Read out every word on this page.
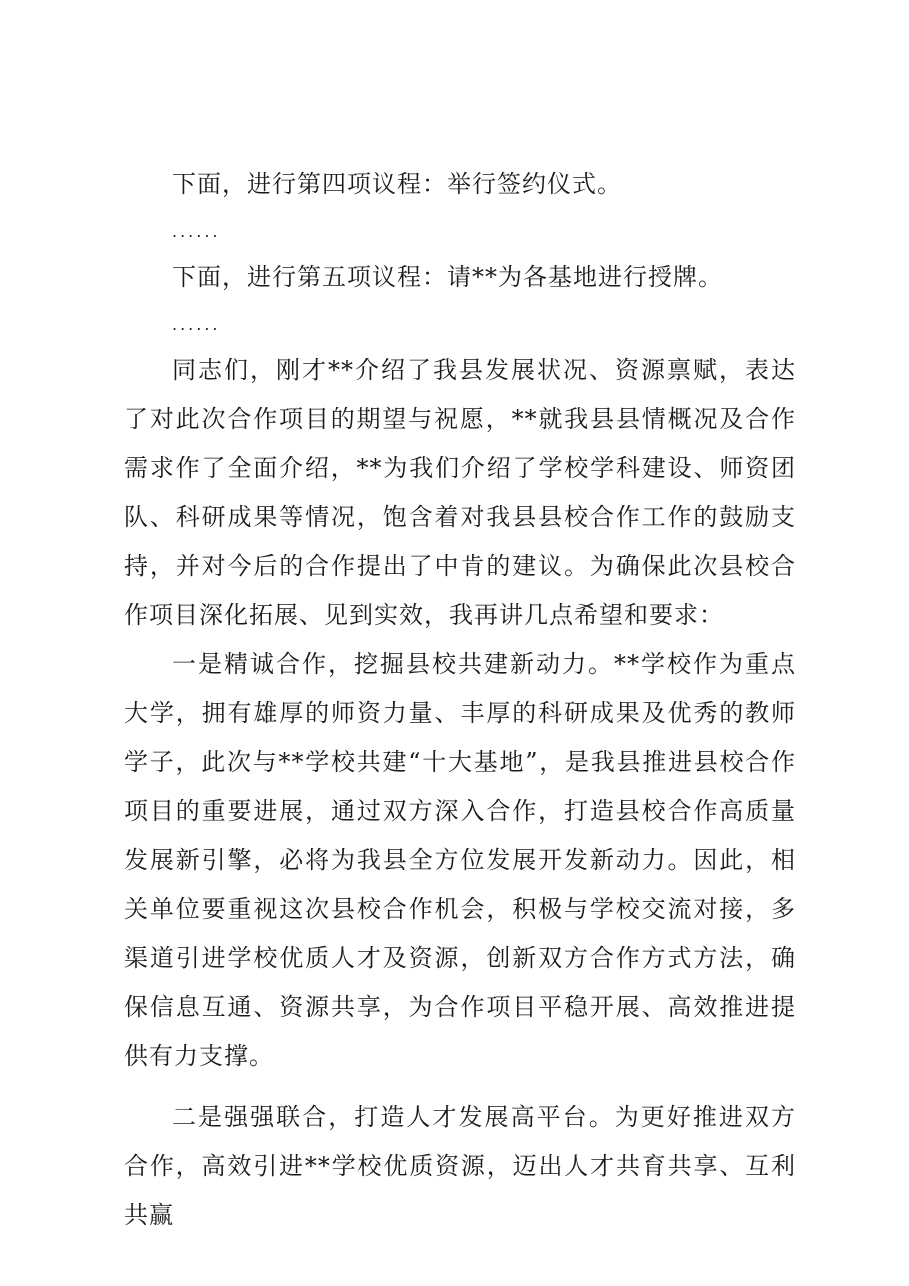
下面，进行第四项议程：举行签约仪式。

......

下面，进行第五项议程：请**为各基地进行授牌。

......

同志们，刚才**介绍了我县发展状况、资源禀赋，表达了对此次合作项目的期望与祝愿，**就我县县情概况及合作需求作了全面介绍，**为我们介绍了学校学科建设、师资团队、科研成果等情况，饱含着对我县县校合作工作的鼓励支持，并对今后的合作提出了中肯的建议。为确保此次县校合作项目深化拓展、见到实效，我再讲几点希望和要求：

一是精诚合作，挖掘县校共建新动力。**学校作为重点大学，拥有雄厚的师资力量、丰厚的科研成果及优秀的教师学子，此次与**学校共建“十大基地”，是我县推进县校合作项目的重要进展，通过双方深入合作，打造县校合作高质量发展新引擎，必将为我县全方位发展开发新动力。因此，相关单位要重视这次县校合作机会，积极与学校交流对接，多渠道引进学校优质人才及资源，创新双方合作方式方法，确保信息互通、资源共享，为合作项目平稳开展、高效推进提供有力支撑。

二是强强联合，打造人才发展高平台。为更好推进双方合作，高效引进**学校优质资源，迈出人才共育共享、互利共赢
